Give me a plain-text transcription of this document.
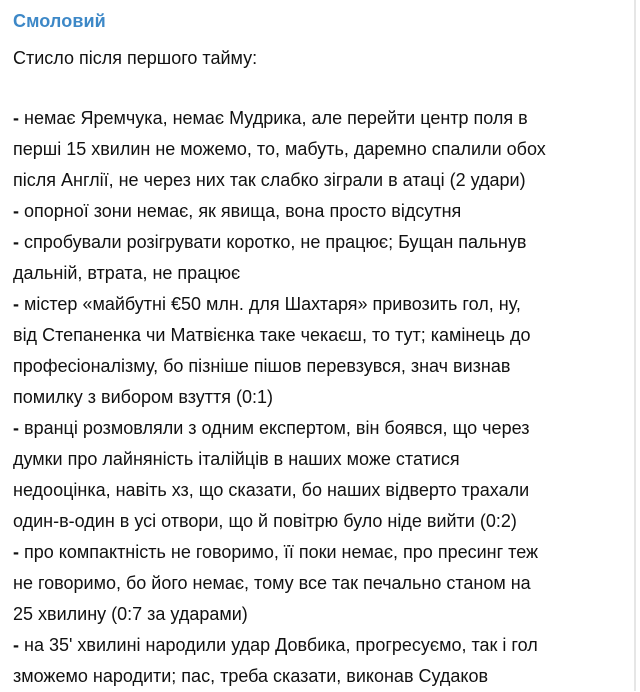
Смоловий
Стисло після першого тайму:
- немає Яремчука, немає Мудрика, але перейти центр поля в
перші 15 хвилин не можемо, то, мабуть, даремно спалили обох
після Англії, не через них так слабко зіграли в атаці (2 удари)
- опорної зони немає, як явища, вона просто відсутня
- спробували розігрувати коротко, не працює; Бущан пальнув
дальній, втрата, не працює
- містер «майбутні €50 млн. для Шахтаря» привозить гол, ну,
від Степаненка чи Матвієнка таке чекаєш, то тут; камінець до
професіоналізму, бо пізніше пішов перевзувся, знач визнав
помилку з вибором взуття (0:1)
- вранці розмовляли з одним експертом, він боявся, що через
думки про лайняність італійців в наших може статися
недооцінка, навіть хз, що сказати, бо наших відверто трахали
один-в-один в усі отвори, що й повітрю було ніде вийти (0:2)
- про компактність не говоримо, її поки немає, про пресинг теж
не говоримо, бо його немає, тому все так печально станом на
25 хвилину (0:7 за ударами)
- на 35' хвилині народили удар Довбика, прогресуємо, так і гол
зможемо народити; пас, треба сказати, виконав Судаков
